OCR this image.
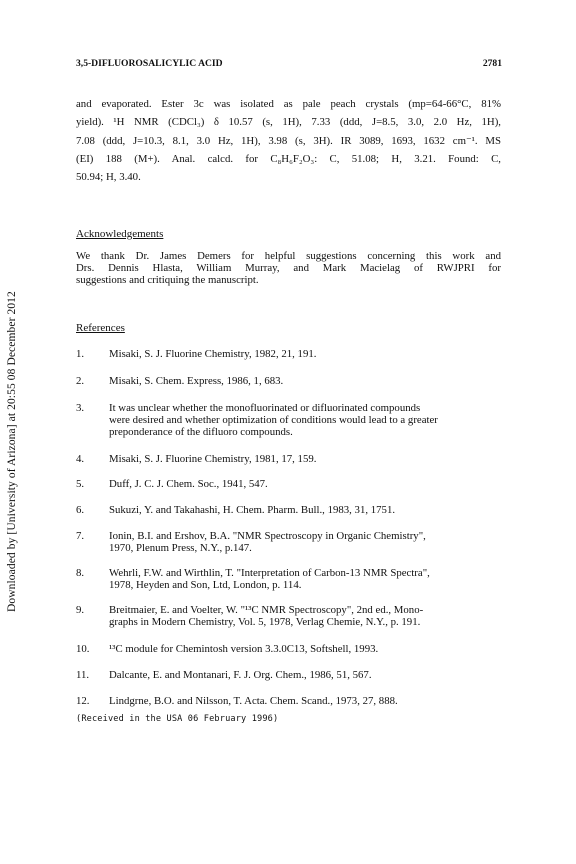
Downloaded by [University of Arizona] at 20:55 08 December 2012
3,5-DIFLUOROSALICYLIC ACID	2781
and evaporated. Ester 3c was isolated as pale peach crystals (mp=64-66°C, 81%
yield). ¹H NMR (CDCl₃) δ 10.57 (s, 1H), 7.33 (ddd, J=8.5, 3.0, 2.0 Hz, 1H),
7.08 (ddd, J=10.3, 8.1, 3.0 Hz, 1H), 3.98 (s, 3H). IR 3089, 1693, 1632 cm⁻¹. MS
(EI) 188 (M+). Anal. calcd. for C₈H₆F₂O₃: C, 51.08; H, 3.21. Found: C,
50.94; H, 3.40.
Acknowledgements
We thank Dr. James Demers for helpful suggestions concerning this work and
Drs. Dennis Hlasta, William Murray, and Mark Macielag of RWJPRI for
suggestions and critiquing the manuscript.
References
1.	Misaki, S. J. Fluorine Chemistry, 1982, 21, 191.
2.	Misaki, S. Chem. Express, 1986, 1, 683.
3.	It was unclear whether the monofluorinated or difluorinated compounds
were desired and whether optimization of conditions would lead to a greater
preponderance of the difluoro compounds.
4.	Misaki, S. J. Fluorine Chemistry, 1981, 17, 159.
5.	Duff, J. C. J. Chem. Soc., 1941, 547.
6.	Sukuzi, Y. and Takahashi, H. Chem. Pharm. Bull., 1983, 31, 1751.
7.	Ionin, B.I. and Ershov, B.A. "NMR Spectroscopy in Organic Chemistry",
1970, Plenum Press, N.Y., p.147.
8.	Wehrli, F.W. and Wirthlin, T. "Interpretation of Carbon-13 NMR Spectra",
1978, Heyden and Son, Ltd, London, p. 114.
9.	Breitmaier, E. and Voelter, W. "¹³C NMR Spectroscopy", 2nd ed., Mono-
graphs in Modern Chemistry, Vol. 5, 1978, Verlag Chemie, N.Y., p. 191.
10.	¹³C module for Chemintosh version 3.3.0C13, Softshell, 1993.
11.	Dalcante, E. and Montanari, F. J. Org. Chem., 1986, 51, 567.
12.	Lindgrne, B.O. and Nilsson, T. Acta. Chem. Scand., 1973, 27, 888.
(Received in the USA 06 February 1996)
